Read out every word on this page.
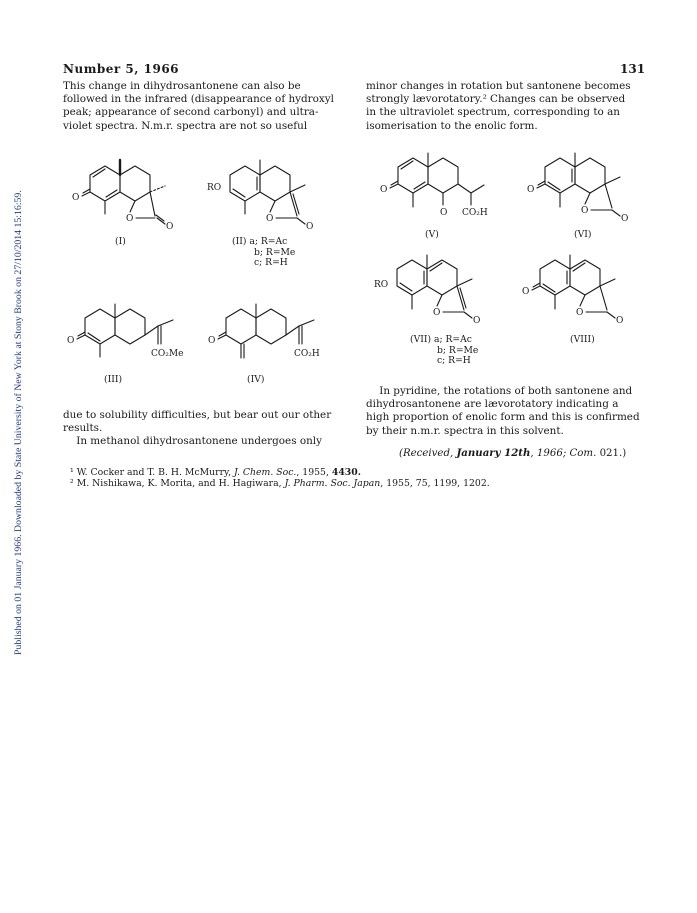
Published on 01 January 1966. Downloaded by State University of New York at Stony Brook on 27/10/2014 15:16:59.
Number 5, 1966	131
This change in dihydrosantonene can also be
followed in the infrared (disappearance of hydroxyl
peak; appearance of second carbonyl) and ultra-
violet spectra. N.m.r. spectra are not so useful
minor changes in rotation but santonene becomes
strongly lævorotatory.² Changes can be observed
in the ultraviolet spectrum, corresponding to an
isomerisation to the enolic form.
O
O
O
(I)
RO
O
O
(II) a; R=Ac
b; R=Me
c; R=H
O
CO₂Me
(III)
O
CO₂H
(IV)
O
O CO₂H
(V)
O
O
O
(VI)
RO
O
O
(VII) a; R=Ac
b; R=Me
c; R=H
O
O
O
(VIII)
due to solubility difficulties, but bear out our other
results.
In methanol dihydrosantonene undergoes only
In pyridine, the rotations of both santonene and
dihydrosantonene are lævorotatory indicating a
high proportion of enolic form and this is confirmed
by their n.m.r. spectra in this solvent.
(Received, January 12th, 1966; Com. 021.)
¹ W. Cocker and T. B. H. McMurry, J. Chem. Soc., 1955, 4430.
² M. Nishikawa, K. Morita, and H. Hagiwara, J. Pharm. Soc. Japan, 1955, 75, 1199, 1202.
